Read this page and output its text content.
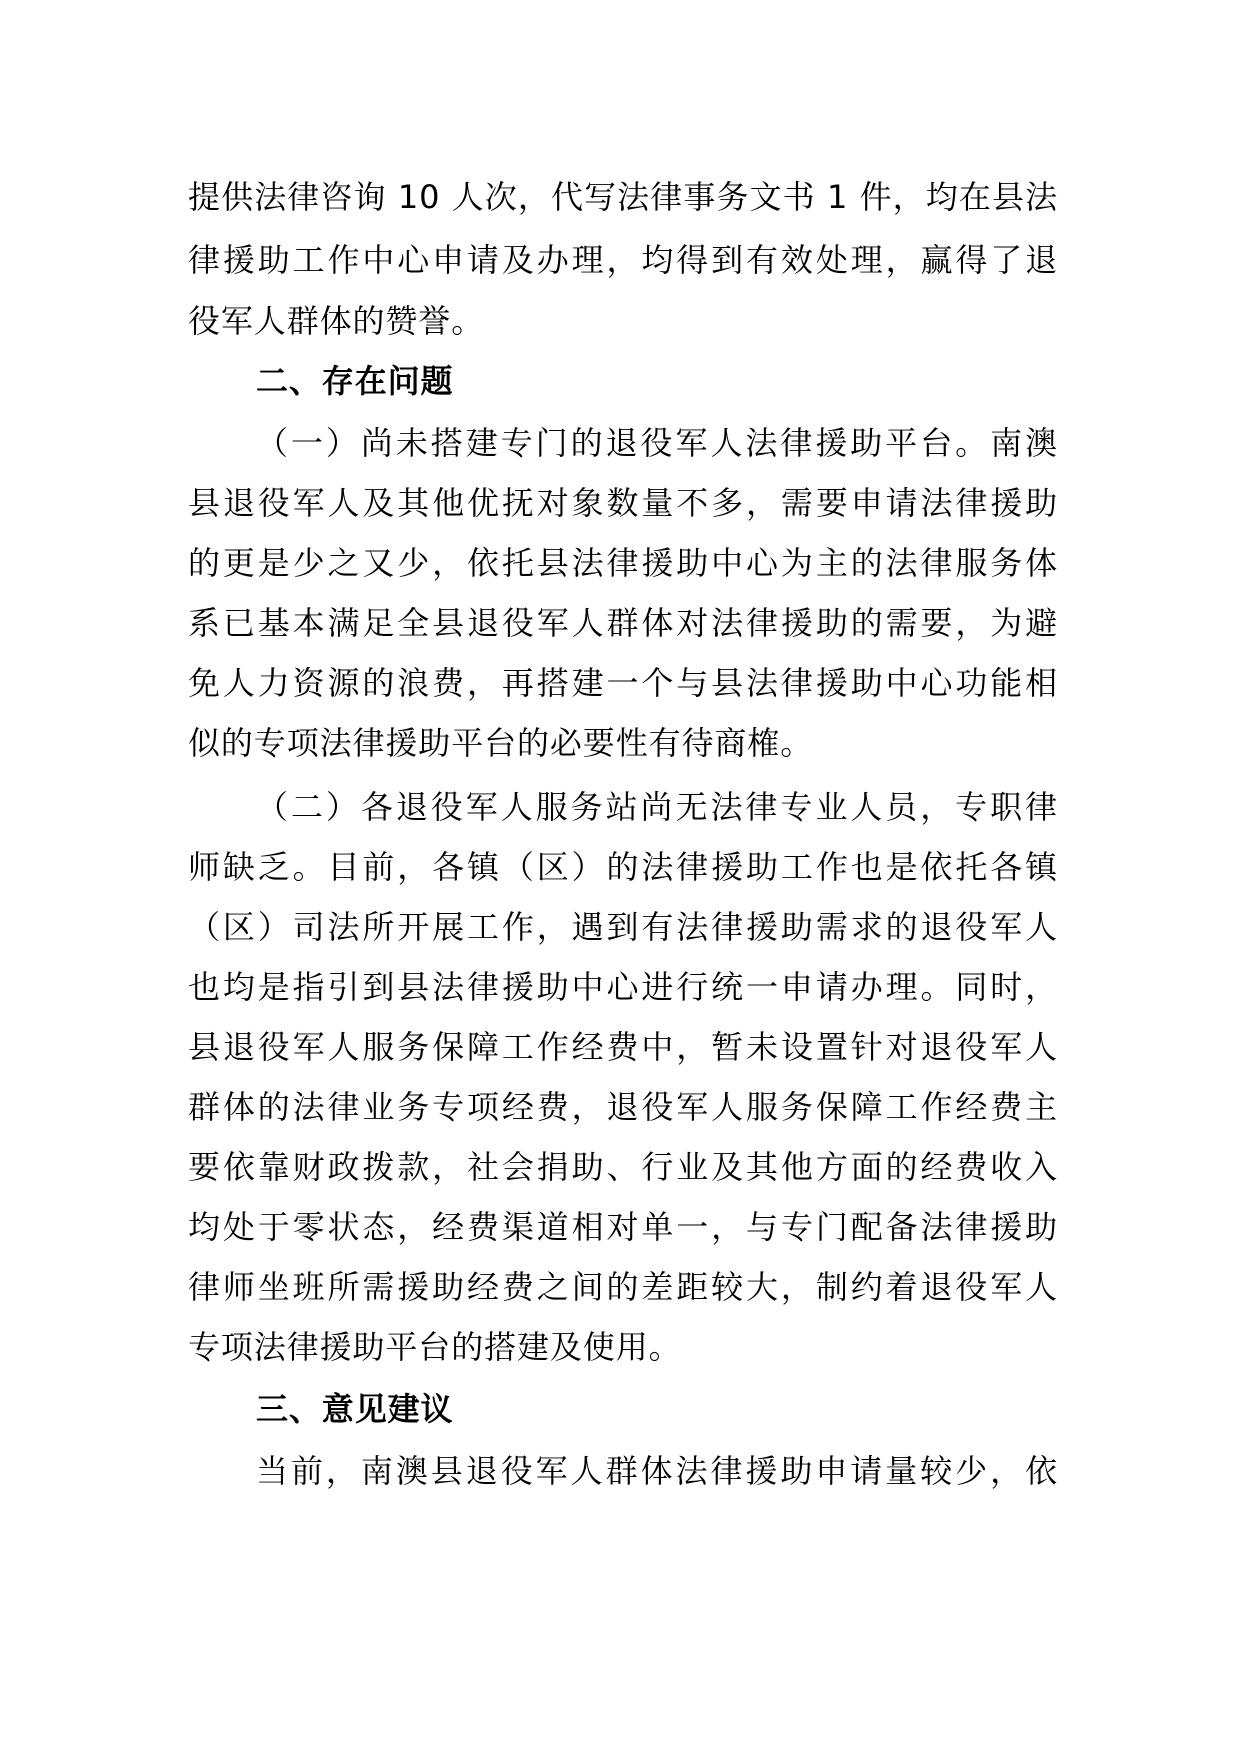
提供法律咨询 10 人次，代写法律事务文书 1 件，均在县法
律援助工作中心申请及办理，均得到有效处理，赢得了退
役军人群体的赞誉。
二、存在问题
（一）尚未搭建专门的退役军人法律援助平台。南澳
县退役军人及其他优抚对象数量不多，需要申请法律援助
的更是少之又少，依托县法律援助中心为主的法律服务体
系已基本满足全县退役军人群体对法律援助的需要，为避
免人力资源的浪费，再搭建一个与县法律援助中心功能相
似的专项法律援助平台的必要性有待商榷。
（二）各退役军人服务站尚无法律专业人员，专职律
师缺乏。目前，各镇（区）的法律援助工作也是依托各镇
（区）司法所开展工作，遇到有法律援助需求的退役军人
也均是指引到县法律援助中心进行统一申请办理。同时，
县退役军人服务保障工作经费中，暂未设置针对退役军人
群体的法律业务专项经费，退役军人服务保障工作经费主
要依靠财政拨款，社会捐助、行业及其他方面的经费收入
均处于零状态，经费渠道相对单一，与专门配备法律援助
律师坐班所需援助经费之间的差距较大，制约着退役军人
专项法律援助平台的搭建及使用。
三、意见建议
当前，南澳县退役军人群体法律援助申请量较少，依
